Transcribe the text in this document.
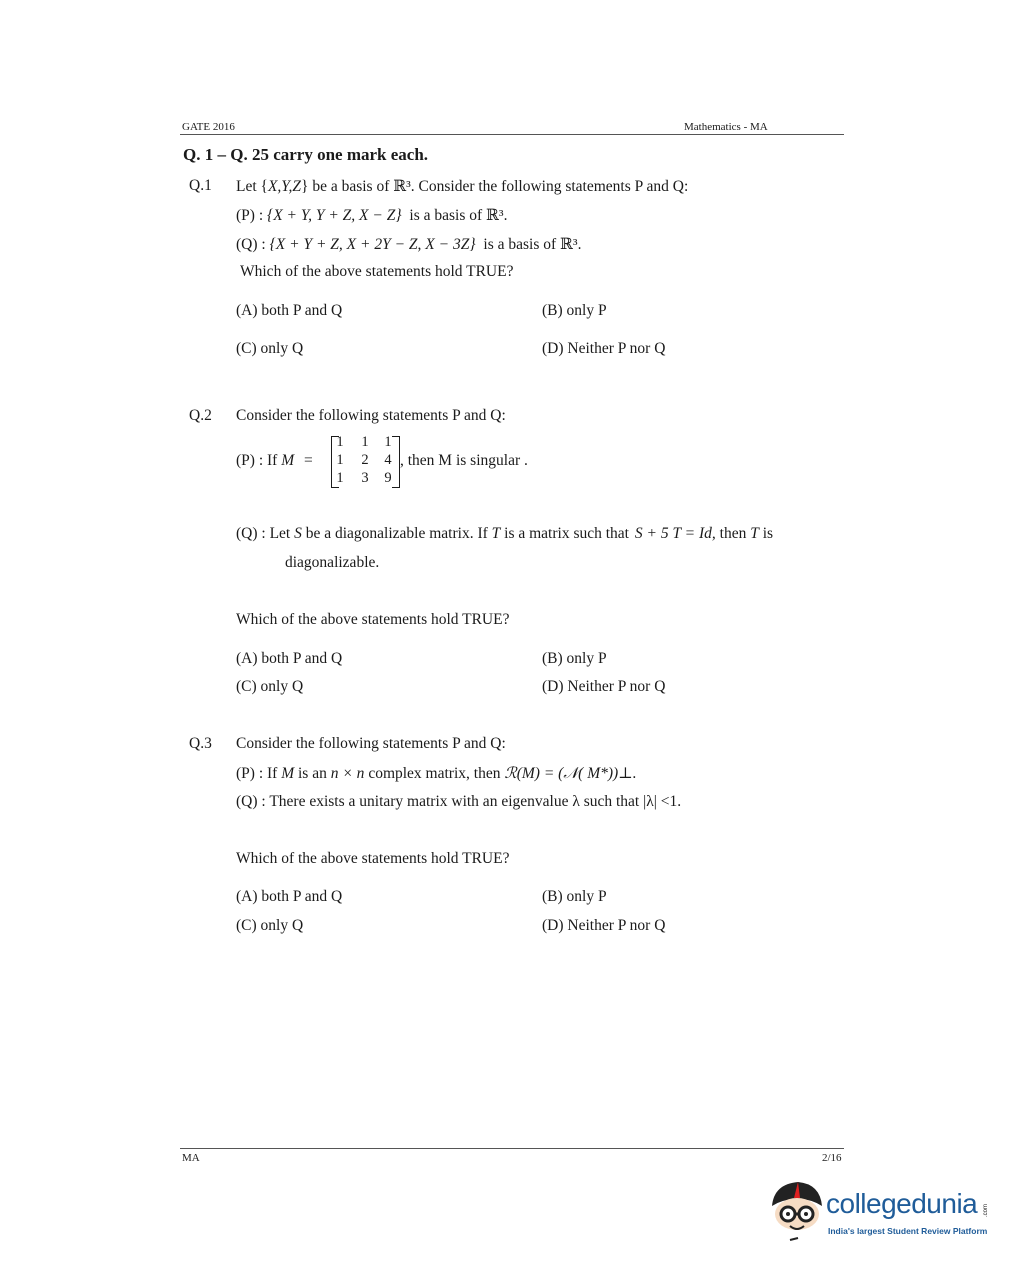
GATE 2016	Mathematics - MA
Q. 1 – Q. 25 carry one mark each.
Q.1 Let {X,Y,Z} be a basis of ℝ³. Consider the following statements P and Q:
(P) : {X + Y, Y + Z, X − Z} is a basis of ℝ³.
(Q) : {X + Y + Z, X + 2Y − Z, X − 3Z} is a basis of ℝ³.
Which of the above statements hold TRUE?
(A) both P and Q	(B) only P
(C) only Q	(D) Neither P nor Q
Q.2 Consider the following statements P and Q:
(P) : If M =
1 1 1
1 2 4
1 3 9
, then M is singular .
(Q) : Let S be a diagonalizable matrix. If T is a matrix such that S + 5 T = Id, then T is
diagonalizable.
Which of the above statements hold TRUE?
(A) both P and Q	(B) only P
(C) only Q	(D) Neither P nor Q
Q.3 Consider the following statements P and Q:
(P) : If M is an n × n complex matrix, then ℛ(M) = (𝒩( M*))⊥.
(Q) : There exists a unitary matrix with an eigenvalue λ such that |λ| <1.
Which of the above statements hold TRUE?
(A) both P and Q	(B) only P
(C) only Q	(D) Neither P nor Q
MA	2/16
collegedunia .com
India's largest Student Review Platform
